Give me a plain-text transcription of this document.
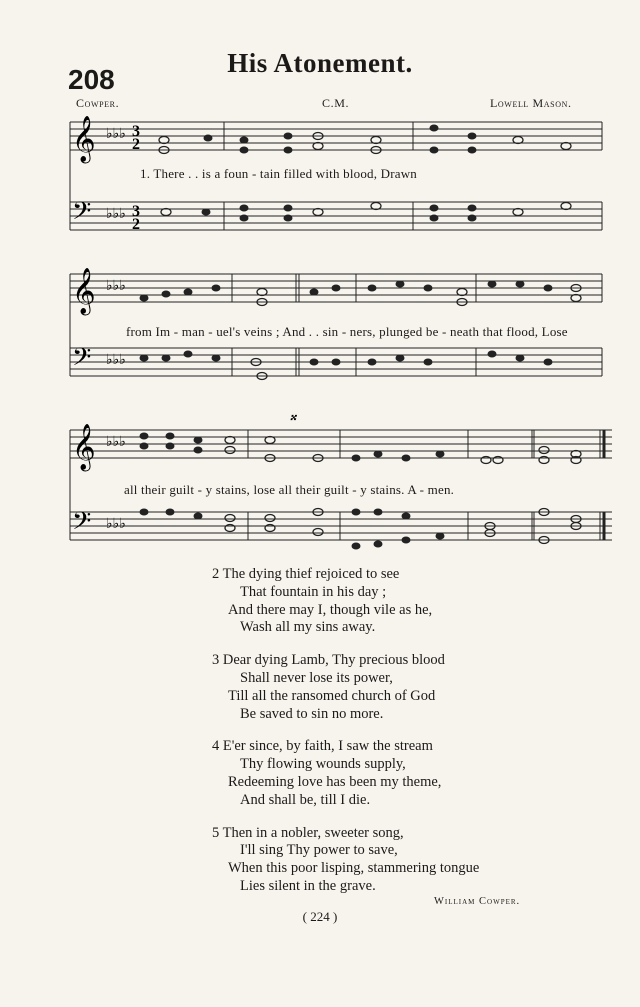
208
His Atonement.
Cowper.	C.M.	Lowell Mason.
𝄞
𝄢
♭♭♭
♭♭♭
3
2
3
2
1. There . . is a foun - tain filled with blood, Drawn
𝄞
𝄢
♭♭♭
♭♭♭
from Im - man - uel's veins ; And . . sin - ners, plunged be - neath that flood, Lose
𝄞
𝄢
♭♭♭
♭♭♭
𝄪
all their guilt - y stains, lose all their guilt - y stains. A - men.
2 The dying thief rejoiced to see
That fountain in his day ;
And there may I, though vile as he,
Wash all my sins away.
3 Dear dying Lamb, Thy precious blood
Shall never lose its power,
Till all the ransomed church of God
Be saved to sin no more.
4 E'er since, by faith, I saw the stream
Thy flowing wounds supply,
Redeeming love has been my theme,
And shall be, till I die.
5 Then in a nobler, sweeter song,
I'll sing Thy power to save,
When this poor lisping, stammering tongue
Lies silent in the grave.
William Cowper.
( 224 )
